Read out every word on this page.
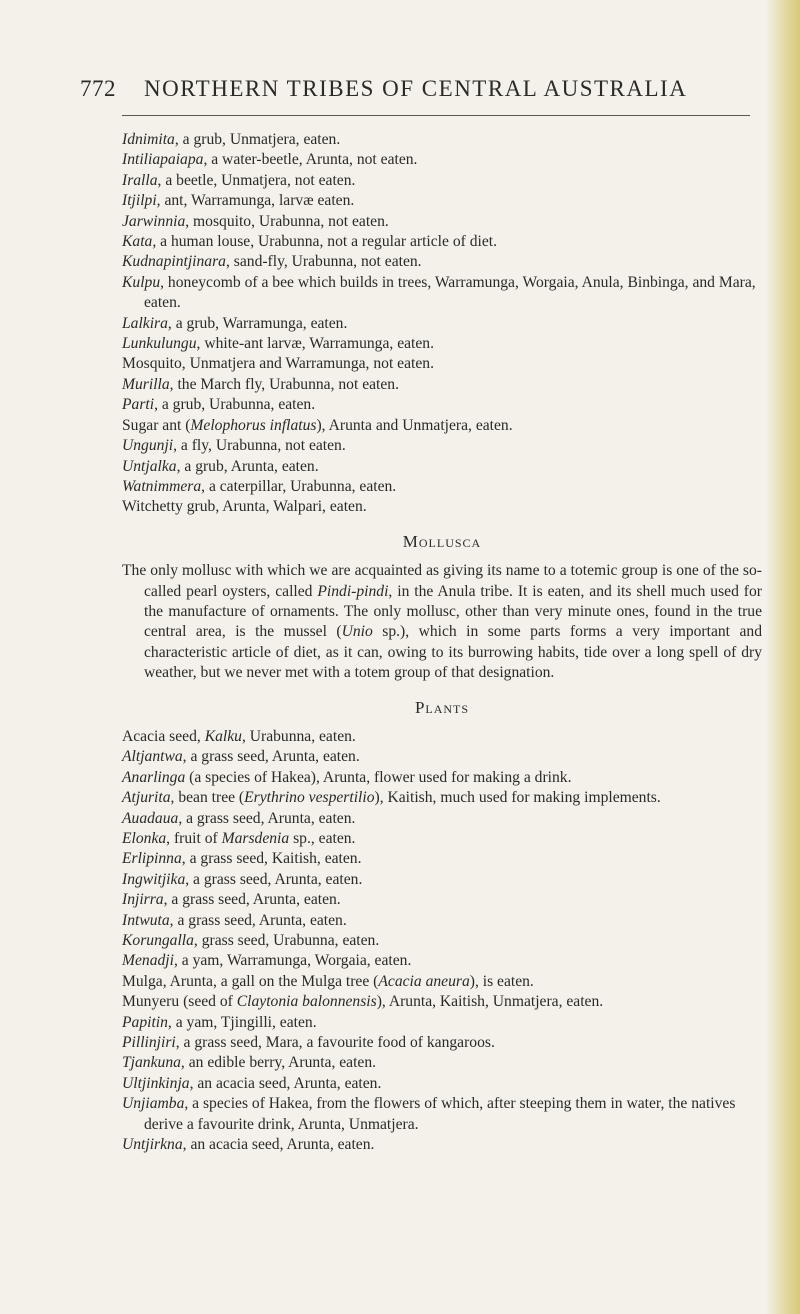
772 NORTHERN TRIBES OF CENTRAL AUSTRALIA

Idnimita, a grub, Unmatjera, eaten.

Intiliapaiapa, a water-beetle, Arunta, not eaten.

Iralla, a beetle, Unmatjera, not eaten.

Itjilpi, ant, Warramunga, larvæ eaten.

Jarwinnia, mosquito, Urabunna, not eaten.

Kata, a human louse, Urabunna, not a regular article of diet.

Kudnapintjinara, sand-fly, Urabunna, not eaten.

Kulpu, honeycomb of a bee which builds in trees, Warramunga, Worgaia, Anula, Binbinga, and Mara, eaten.

Lalkira, a grub, Warramunga, eaten.

Lunkulungu, white-ant larvæ, Warramunga, eaten.

Mosquito, Unmatjera and Warramunga, not eaten.

Murilla, the March fly, Urabunna, not eaten.

Parti, a grub, Urabunna, eaten.

Sugar ant (Melophorus inflatus), Arunta and Unmatjera, eaten.

Ungunji, a fly, Urabunna, not eaten.

Untjalka, a grub, Arunta, eaten.

Watnimmera, a caterpillar, Urabunna, eaten.

Witchetty grub, Arunta, Walpari, eaten.

Mollusca

The only mollusc with which we are acquainted as giving its name to a totemic group is one of the so-called pearl oysters, called Pindi-pindi, in the Anula tribe. It is eaten, and its shell much used for the manufacture of ornaments. The only mollusc, other than very minute ones, found in the true central area, is the mussel (Unio sp.), which in some parts forms a very important and characteristic article of diet, as it can, owing to its burrowing habits, tide over a long spell of dry weather, but we never met with a totem group of that designation.

Plants

Acacia seed, Kalku, Urabunna, eaten.

Altjantwa, a grass seed, Arunta, eaten.

Anarlinga (a species of Hakea), Arunta, flower used for making a drink.

Atjurita, bean tree (Erythrino vespertilio), Kaitish, much used for making implements.

Auadaua, a grass seed, Arunta, eaten.

Elonka, fruit of Marsdenia sp., eaten.

Erlipinna, a grass seed, Kaitish, eaten.

Ingwitjika, a grass seed, Arunta, eaten.

Injirra, a grass seed, Arunta, eaten.

Intwuta, a grass seed, Arunta, eaten.

Korungalla, grass seed, Urabunna, eaten.

Menadji, a yam, Warramunga, Worgaia, eaten.

Mulga, Arunta, a gall on the Mulga tree (Acacia aneura), is eaten.

Munyeru (seed of Claytonia balonnensis), Arunta, Kaitish, Unmatjera, eaten.

Papitin, a yam, Tjingilli, eaten.

Pillinjiri, a grass seed, Mara, a favourite food of kangaroos.

Tjankuna, an edible berry, Arunta, eaten.

Ultjinkinja, an acacia seed, Arunta, eaten.

Unjiamba, a species of Hakea, from the flowers of which, after steeping them in water, the natives derive a favourite drink, Arunta, Unmatjera.

Untjirkna, an acacia seed, Arunta, eaten.
